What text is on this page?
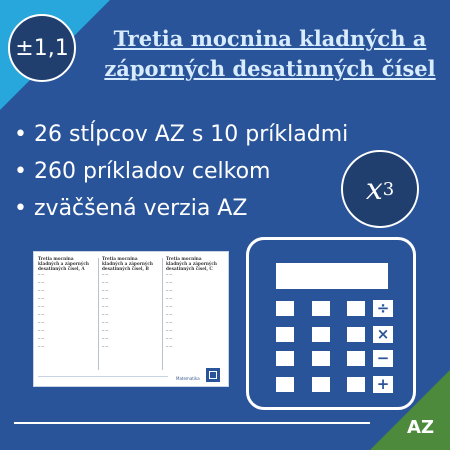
±1,1	Tretia mocnina kladných a záporných desatinných čísel
• 26 stĺpcov AZ s 10 príkladmi
• 260 príkladov celkom
• zväčšená verzia AZ
x 3
Tretia mocnina kladných a záporných desatinných čísel, A
─ ─
─ ─
─ ─
─ ─
─ ─
─ ─
─ ─
─ ─
─ ─
─ ─
Tretia mocnina kladných a záporných desatinných čísel, B
─ ─
─ ─
─ ─
─ ─
─ ─
─ ─
─ ─
─ ─
─ ─
─ ─
Tretia mocnina kladných a záporných desatinných čísel, C
─ ─
─ ─
─ ─
─ ─
─ ─
─ ─
─ ─
─ ─
─ ─
─ ─
Matematika
÷
×
−
+
AZ
